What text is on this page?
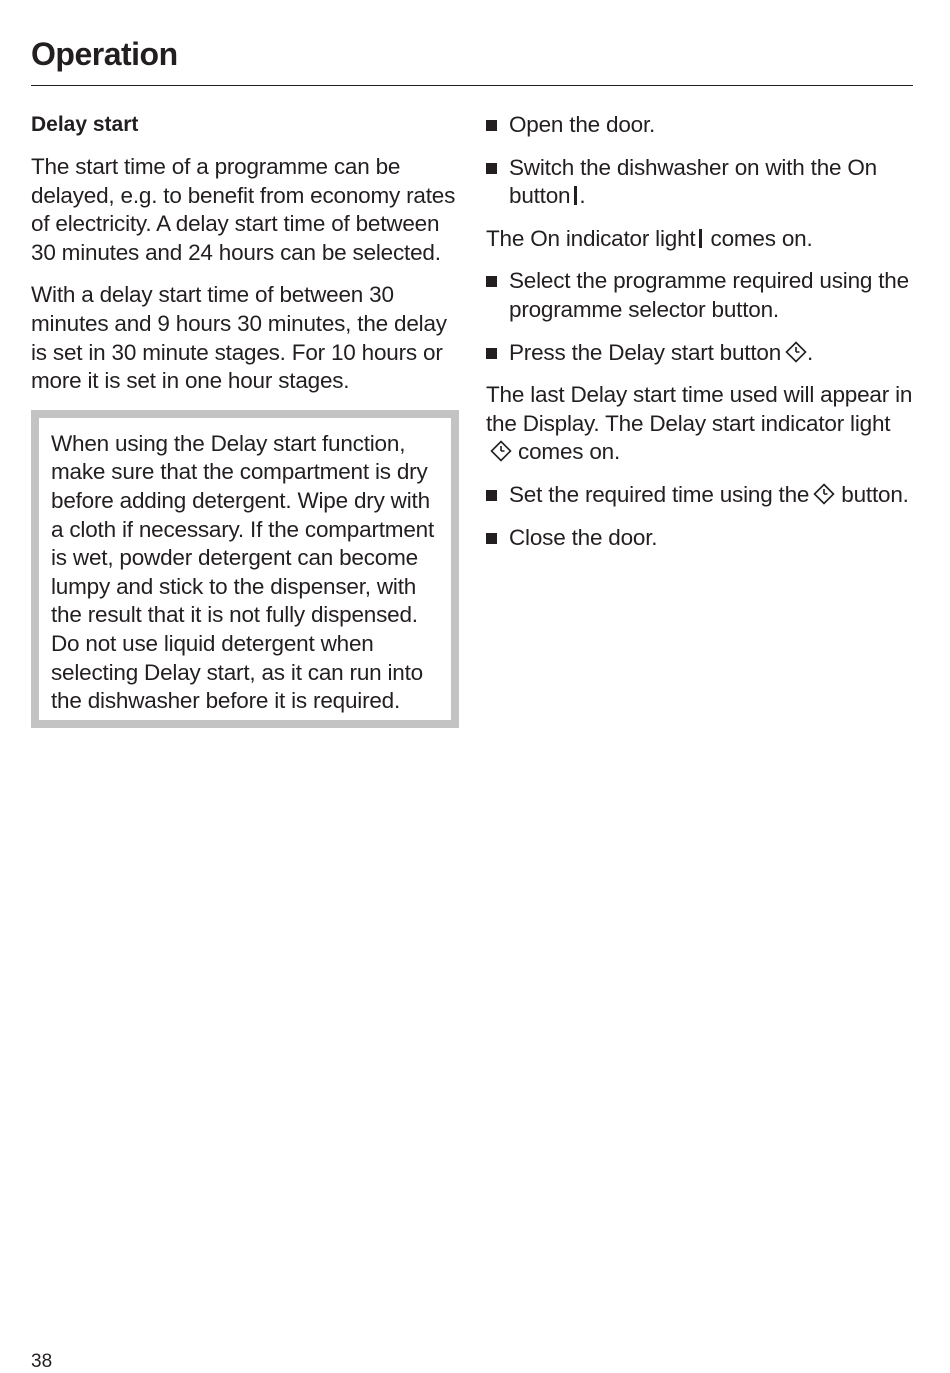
Operation
Delay start

The start time of a programme can be delayed, e.g. to benefit from economy rates of electricity. A delay start time of between 30 minutes and 24 hours can be selected.

With a delay start time of between 30 minutes and 9 hours 30 minutes, the delay is set in 30 minute stages. For 10 hours or more it is set in one hour stages.

When using the Delay start function, make sure that the compartment is dry before adding detergent. Wipe dry with a cloth if necessary. If the compartment is wet, powder detergent can become lumpy and stick to the dispenser, with the result that it is not fully dispensed.
Do not use liquid detergent when selecting Delay start, as it can run into the dishwasher before it is required.
Open the door.
Switch the dishwasher on with the On button .

The On indicator light comes on.

Select the programme required using the programme selector button.
Press the Delay start button .

The last Delay start time used will appear in the Display. The Delay start indicator light comes on.

Set the required time using the button.
Close the door.
38
